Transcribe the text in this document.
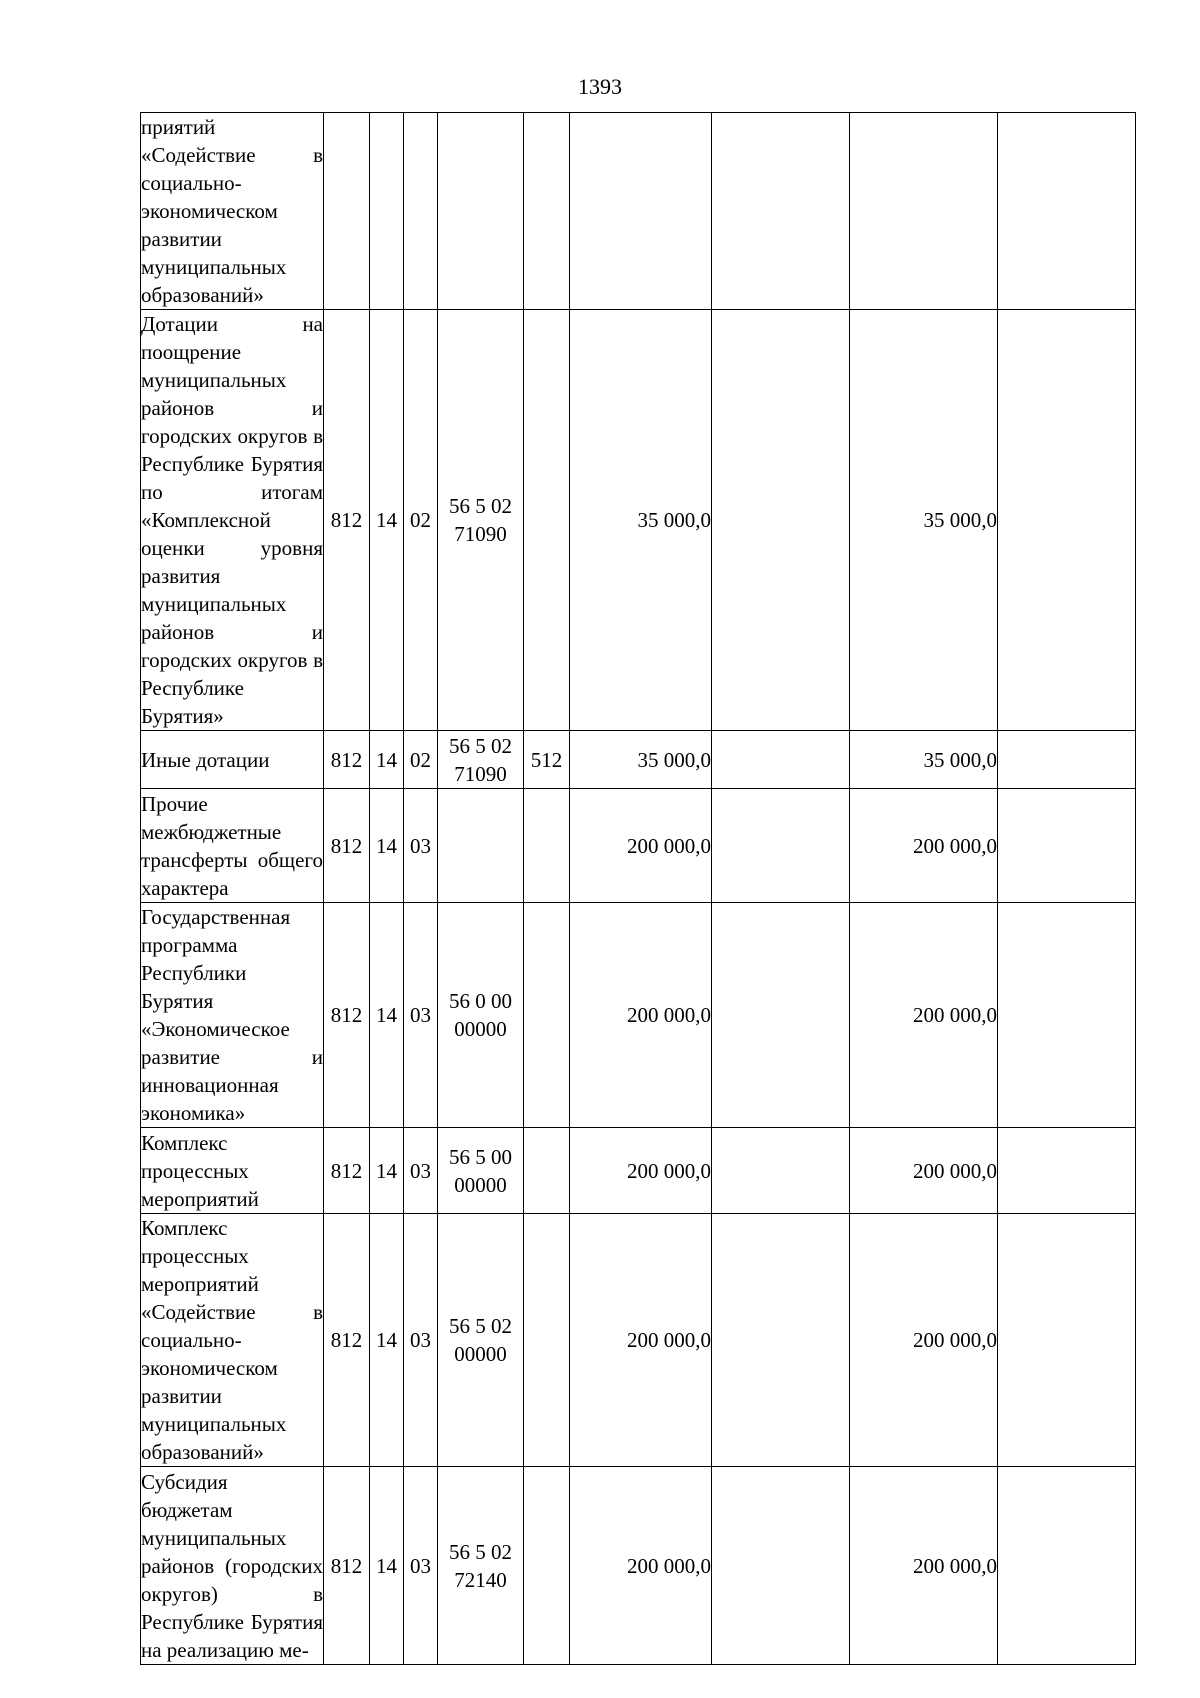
1393
приятий «Содействие в социально- экономическом развитии муниципальных образований»									
Дотации на поощрение муниципальных районов и городских округов в Республике Бурятия по итогам «Комплексной оценки уровня развития муниципальных районов и городских округов в Республике Бурятия»	812	14	02	56 5 02 71090		35 000,0		35 000,0	
Иные дотации	812	14	02	56 5 02 71090	512	35 000,0		35 000,0	
Прочие межбюджетные трансферты общего характера	812	14	03			200 000,0		200 000,0	
Государственная программа Республики Бурятия «Экономическое развитие и инновационная экономика»	812	14	03	56 0 00 00000		200 000,0		200 000,0	
Комплекс процессных мероприятий	812	14	03	56 5 00 00000		200 000,0		200 000,0	
Комплекс процессных мероприятий «Содействие в социально- экономическом развитии муниципальных образований»	812	14	03	56 5 02 00000		200 000,0		200 000,0	
Субсидия бюджетам муниципальных районов (городских округов) в Республике Бурятия на реализацию ме-	812	14	03	56 5 02 72140		200 000,0		200 000,0	
